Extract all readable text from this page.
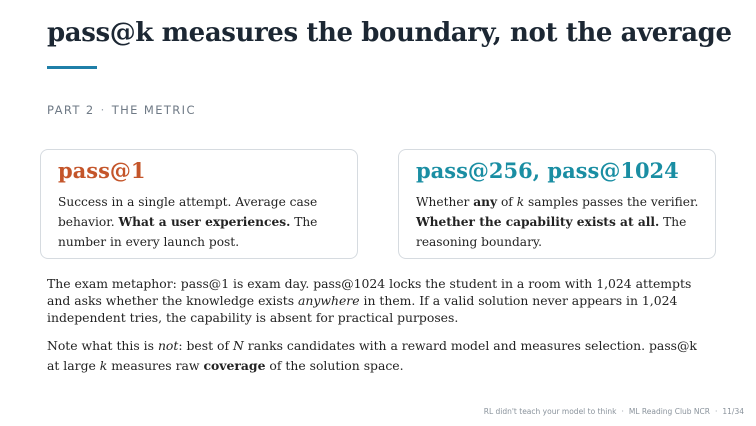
pass@k measures the boundary, not the average
PART 2 · THE METRIC
pass@1
Success in a single attempt. Average case behavior. What a user experiences. The number in every launch post.
pass@256, pass@1024
Whether any of k samples passes the verifier. Whether the capability exists at all. The reasoning boundary.
The exam metaphor: pass@1 is exam day. pass@1024 locks the student in a room with 1,024 attempts and asks whether the knowledge exists anywhere in them. If a valid solution never appears in 1,024 independent tries, the capability is absent for practical purposes.
Note what this is not: best of N ranks candidates with a reward model and measures selection. pass@k at large k measures raw coverage of the solution space.
RL didn't teach your model to think · ML Reading Club NCR · 11/34
